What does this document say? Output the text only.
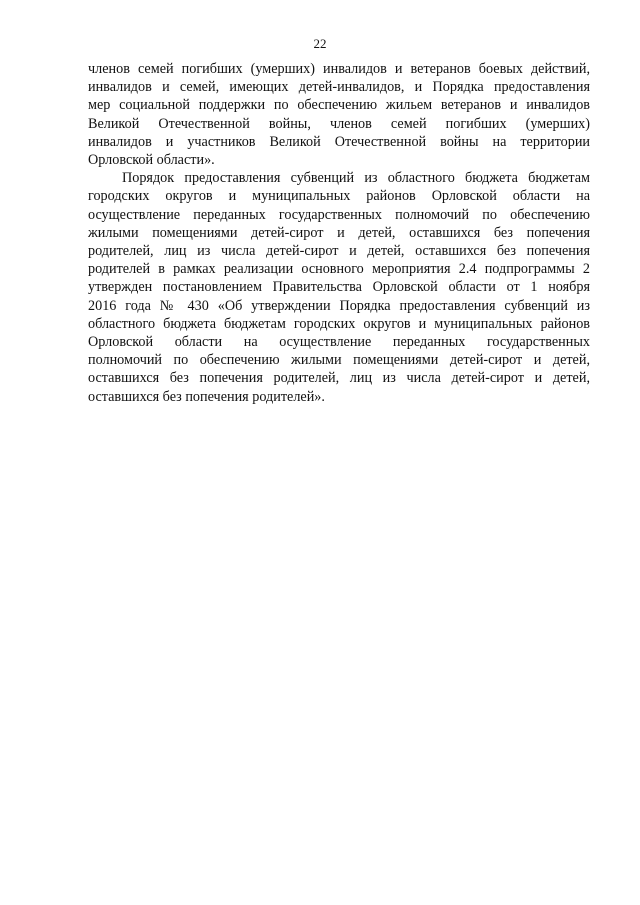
22

членов семей погибших (умерших) инвалидов и ветеранов боевых действий,
инвалидов и семей, имеющих детей-инвалидов, и Порядка предоставления
мер социальной поддержки по обеспечению жильем ветеранов и инвалидов
Великой Отечественной войны, членов семей погибших (умерших)
инвалидов и участников Великой Отечественной войны на территории
Орловской области».

Порядок предоставления субвенций из областного бюджета бюджетам
городских округов и муниципальных районов Орловской области на
осуществление переданных государственных полномочий по обеспечению
жилыми помещениями детей-сирот и детей, оставшихся без попечения
родителей, лиц из числа детей-сирот и детей, оставшихся без попечения
родителей в рамках реализации основного мероприятия 2.4 подпрограммы 2
утвержден постановлением Правительства Орловской области от 1 ноября
2016 года № 430 «Об утверждении Порядка предоставления субвенций из
областного бюджета бюджетам городских округов и муниципальных районов
Орловской области на осуществление переданных государственных
полномочий по обеспечению жилыми помещениями детей-сирот и детей,
оставшихся без попечения родителей, лиц из числа детей-сирот и детей,
оставшихся без попечения родителей».
